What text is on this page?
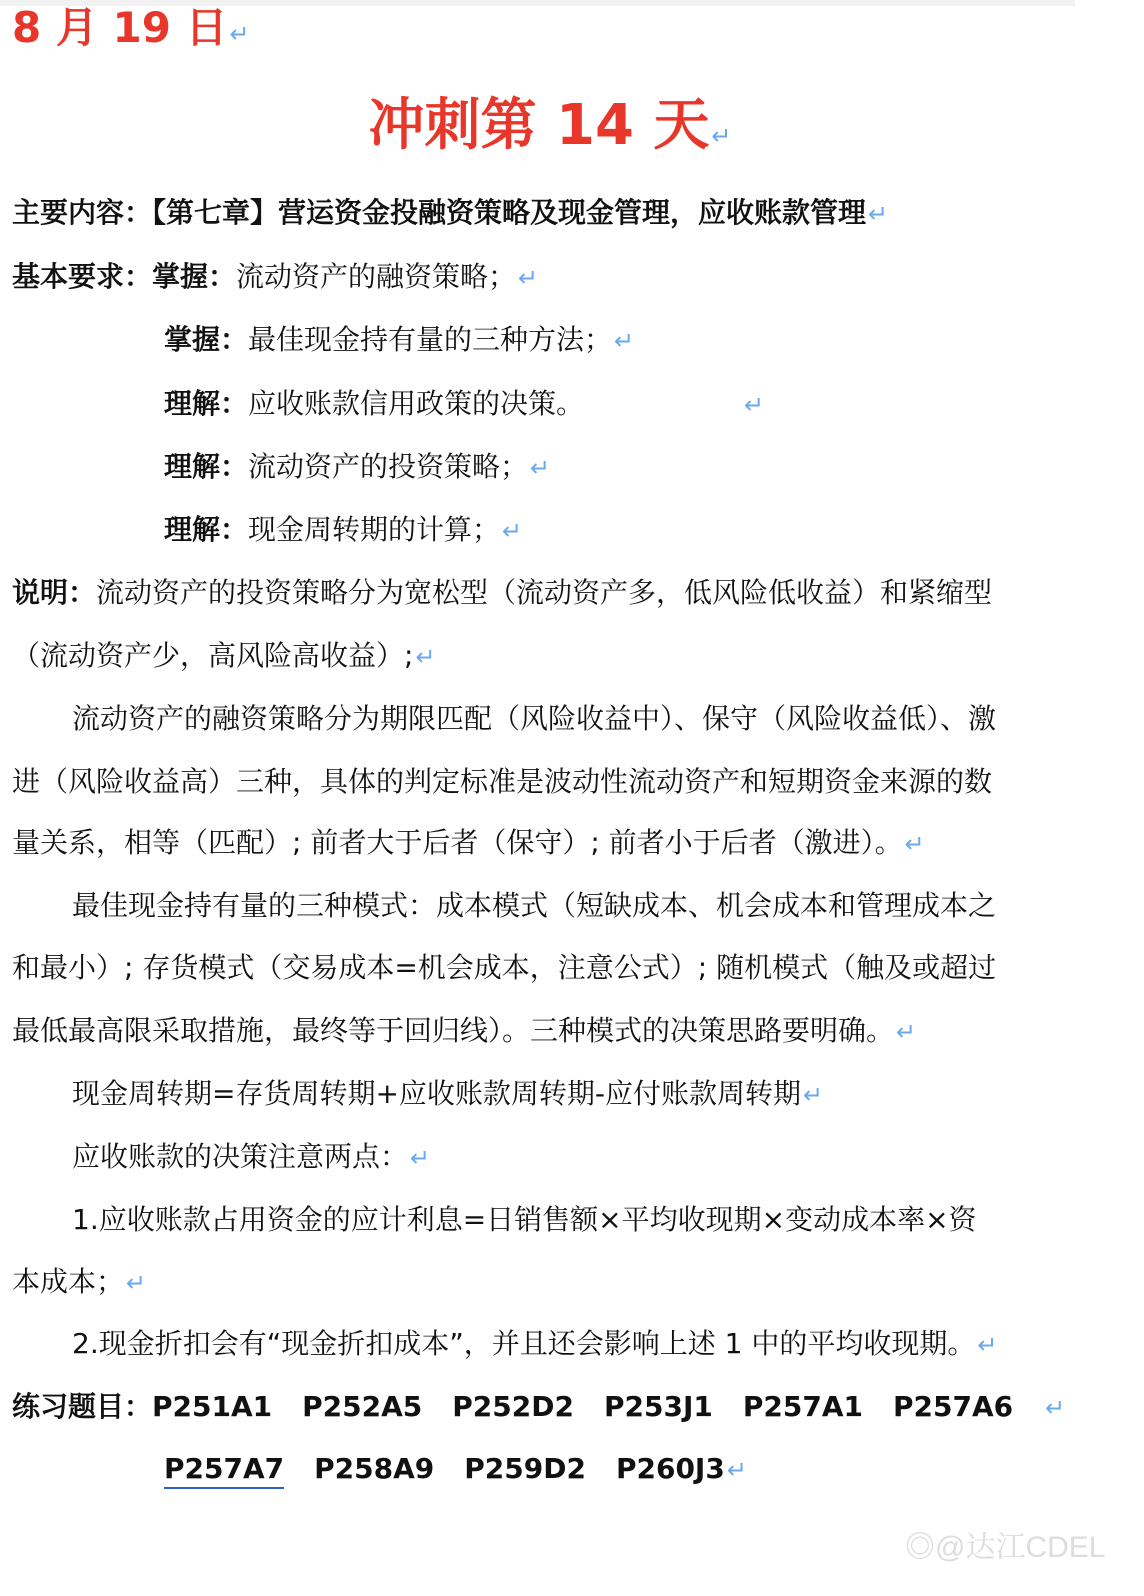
8 月 19 日↵
冲刺第 14 天↵
主要内容：【第七章】营运资金投融资策略及现金管理，应收账款管理↵
基本要求：掌握：流动资产的融资策略；↵
掌握：最佳现金持有量的三种方法；↵
理解：应收账款信用政策的决策。	↵
理解：流动资产的投资策略；↵
理解：现金周转期的计算；↵
说明：流动资产的投资策略分为宽松型（流动资产多，低风险低收益）和紧缩型
（流动资产少，高风险高收益）;↵
流动资产的融资策略分为期限匹配（风险收益中）、保守（风险收益低）、激
进（风险收益高）三种，具体的判定标准是波动性流动资产和短期资金来源的数
量关系，相等（匹配）; 前者大于后者（保守）; 前者小于后者（激进）。↵
最佳现金持有量的三种模式：成本模式（短缺成本、机会成本和管理成本之
和最小）; 存货模式（交易成本=机会成本，注意公式）; 随机模式（触及或超过
最低最高限采取措施，最终等于回归线）。三种模式的决策思路要明确。↵
现金周转期=存货周转期+应收账款周转期-应付账款周转期↵
应收账款的决策注意两点：↵
1.应收账款占用资金的应计利息=日销售额×平均收现期×变动成本率×资
本成本；↵
2.现金折扣会有“现金折扣成本”，并且还会影响上述 1 中的平均收现期。↵
练习题目：P251A1 P252A5 P252D2 P253J1 P257A1 P257A6 ↵
P257A7 P258A9 P259D2 P260J3↵
◎@达江CDEL
